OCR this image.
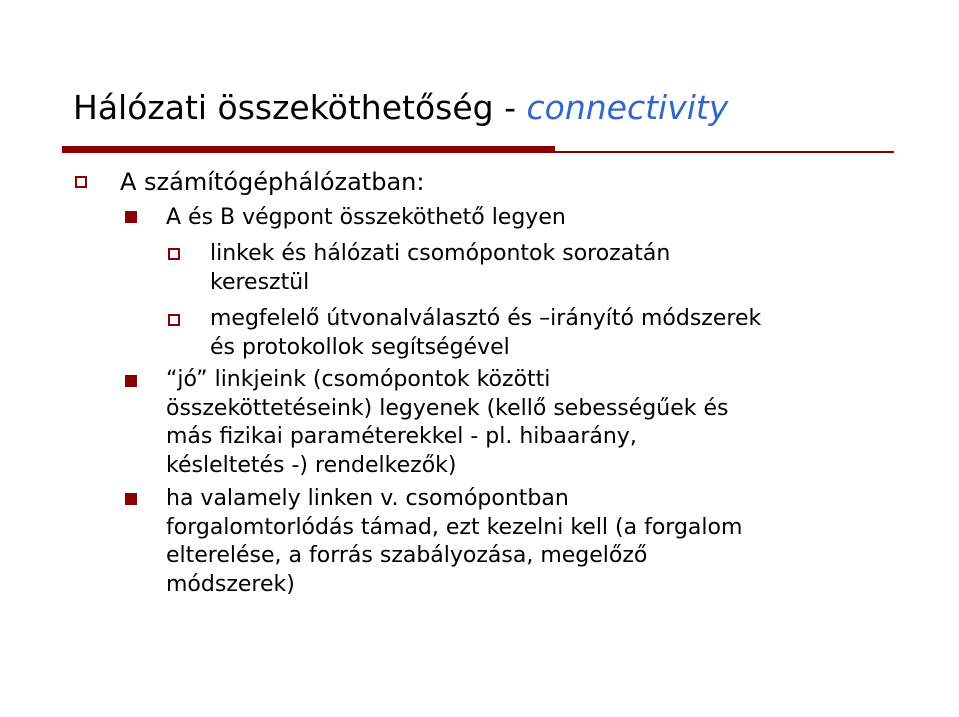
Hálózati összeköthetőség - connectivity
A számítógéphálózatban:
A és B végpont összeköthető legyen
linkek és hálózati csomópontok sorozatán
keresztül
megfelelő útvonalválasztó és –irányító módszerek
és protokollok segítségével
“jó” linkjeink (csomópontok közötti
összeköttetéseink) legyenek (kellő sebességűek és
más fizikai paraméterekkel - pl. hibaarány,
késleltetés -) rendelkezők)
ha valamely linken v. csomópontban
forgalomtorlódás támad, ezt kezelni kell (a forgalom
elterelése, a forrás szabályozása, megelőző
módszerek)
